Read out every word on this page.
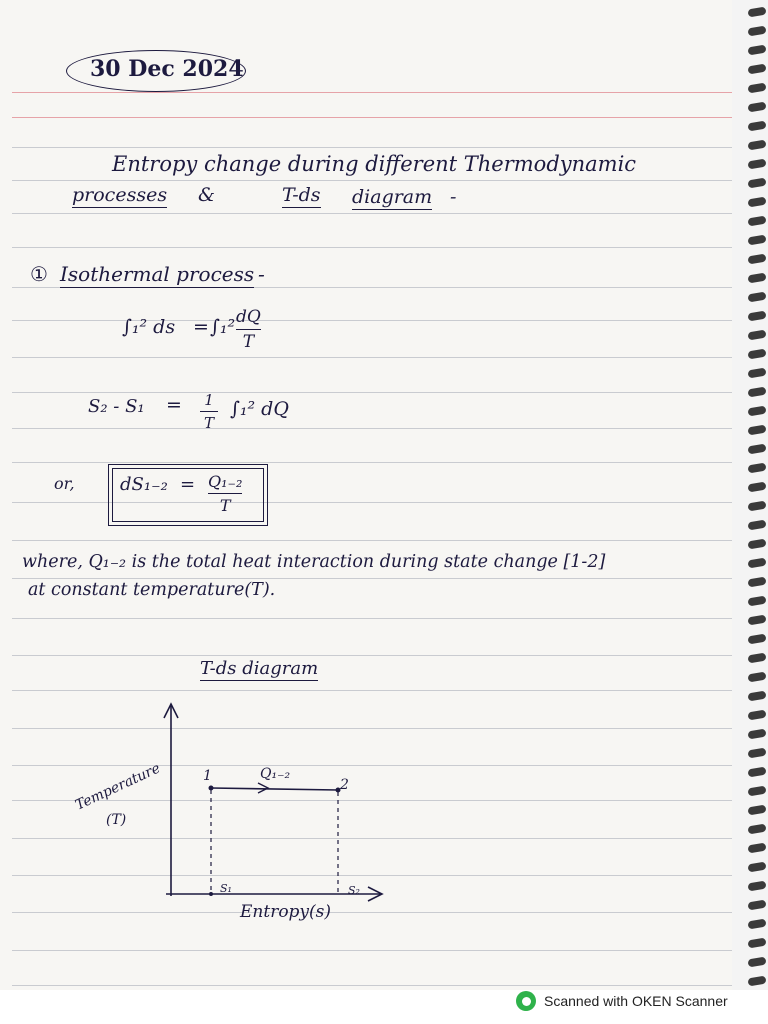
30 Dec 2024
Entropy change during different Thermodynamic
processes &	T-ds diagram -
① Isothermal process -
∫₁² ds = ∫₁² dQ
T
S₂ - S₁ = 1
T
∫₁² dQ
or,	dS₁₋₂ = Q₁₋₂
T
where, Q₁₋₂ is the total heat interaction during state change [1-2]
at constant temperature(T).
T-ds diagram
1
2
Q₁₋₂
S₁	S₂
Entropy(s)
Temperature
(T)
Scanned with OKEN Scanner
